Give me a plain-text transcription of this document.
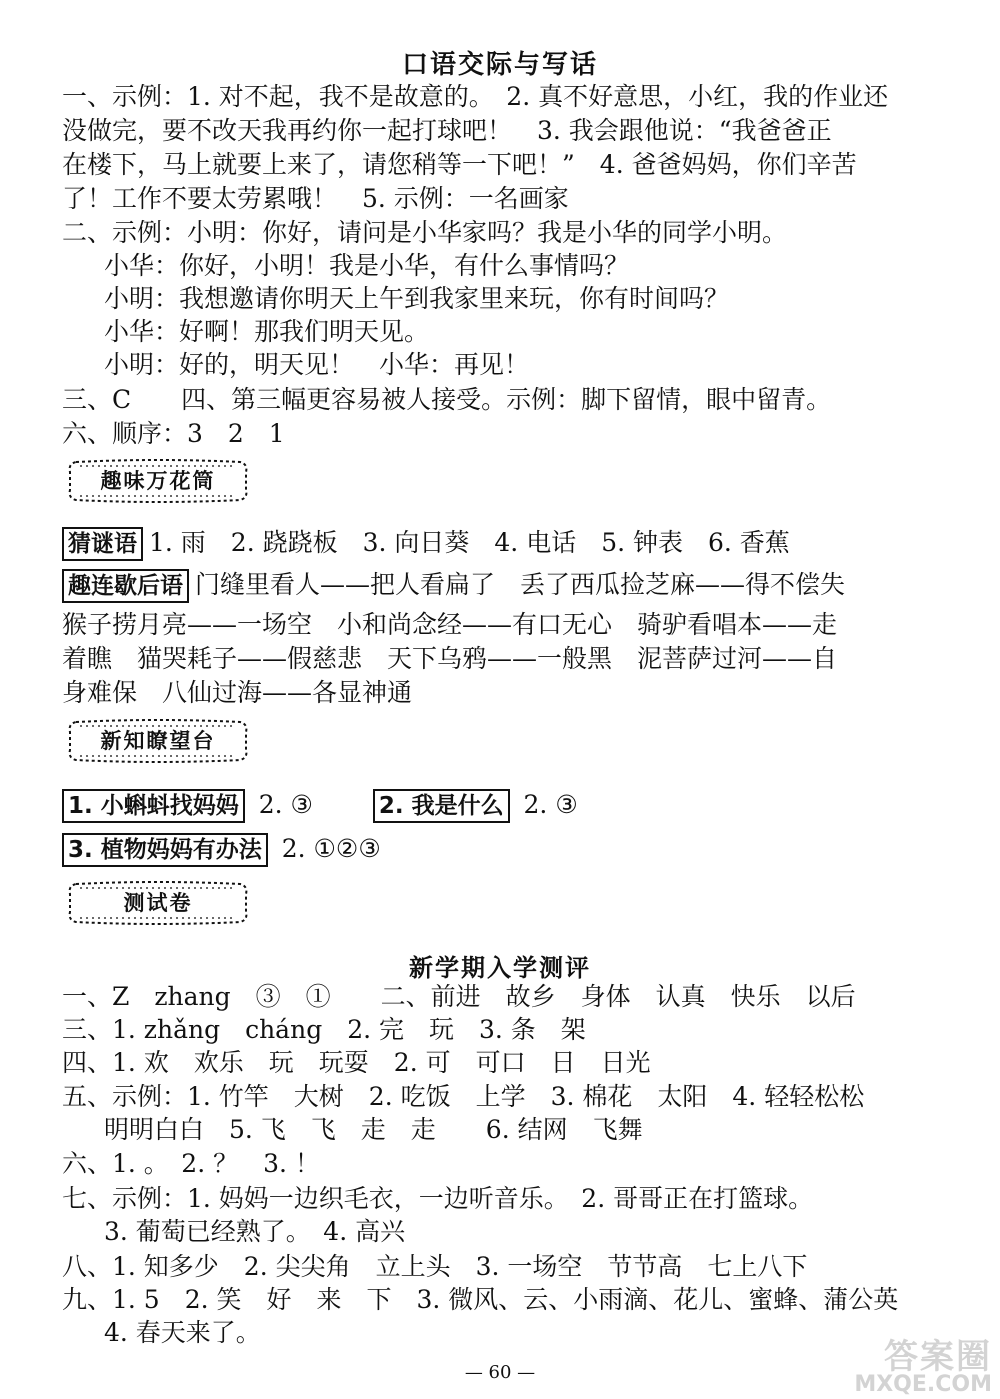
口语交际与写话
一、示例：1. 对不起，我不是故意的。　2. 真不好意思，小红，我的作业还
没做完，要不改天我再约你一起打球吧！　3. 我会跟他说：“我爸爸正
在楼下，马上就要上来了，请您稍等一下吧！”　4. 爸爸妈妈，你们辛苦
了！工作不要太劳累哦！　5. 示例：一名画家
二、示例：小明：你好，请问是小华家吗？我是小华的同学小明。
小华：你好，小明！我是小华，有什么事情吗？
小明：我想邀请你明天上午到我家里来玩，你有时间吗？
小华：好啊！那我们明天见。
小明：好的，明天见！　小华：再见！
三、C　　四、第三幅更容易被人接受。示例：脚下留情，眼中留青。
六、顺序：3　2　1
趣味万花筒
猜谜语 1. 雨　2. 跷跷板　3. 向日葵　4. 电话　5. 钟表　6. 香蕉
趣连歇后语 门缝里看人——把人看扁了　丢了西瓜捡芝麻——得不偿失
猴子捞月亮——一场空　小和尚念经——有口无心　骑驴看唱本——走
着瞧　猫哭耗子——假慈悲　天下乌鸦——一般黑　泥菩萨过河——自
身难保　八仙过海——各显神通
新知瞭望台
1. 小蝌蚪找妈妈 2. ③	2. 我是什么 2. ③
3. 植物妈妈有办法 2. ①②③
测试卷
新学期入学测评
一、Z　zhang　③　①　　二、前进　故乡　身体　认真　快乐　以后
三、1. zhǎng　cháng　2. 完　玩　3. 条　架
四、1. 欢　欢乐　玩　玩耍　2. 可　可口　日　日光
五、示例：1. 竹竿　大树　2. 吃饭　上学　3. 棉花　太阳　4. 轻轻松松
明明白白　5. 飞　飞　走　走　　6. 结网　飞舞
六、1. 。　2. ？　3. ！
七、示例：1. 妈妈一边织毛衣，一边听音乐。　2. 哥哥正在打篮球。
3. 葡萄已经熟了。　4. 高兴
八、1. 知多少　2. 尖尖角　立上头　3. 一场空　节节高　七上八下
九、1. 5　2. 笑　好　来　下　3. 微风、云、小雨滴、花儿、蜜蜂、蒲公英
4. 春天来了。
— 60 —	答案圈
MXQE.COM
